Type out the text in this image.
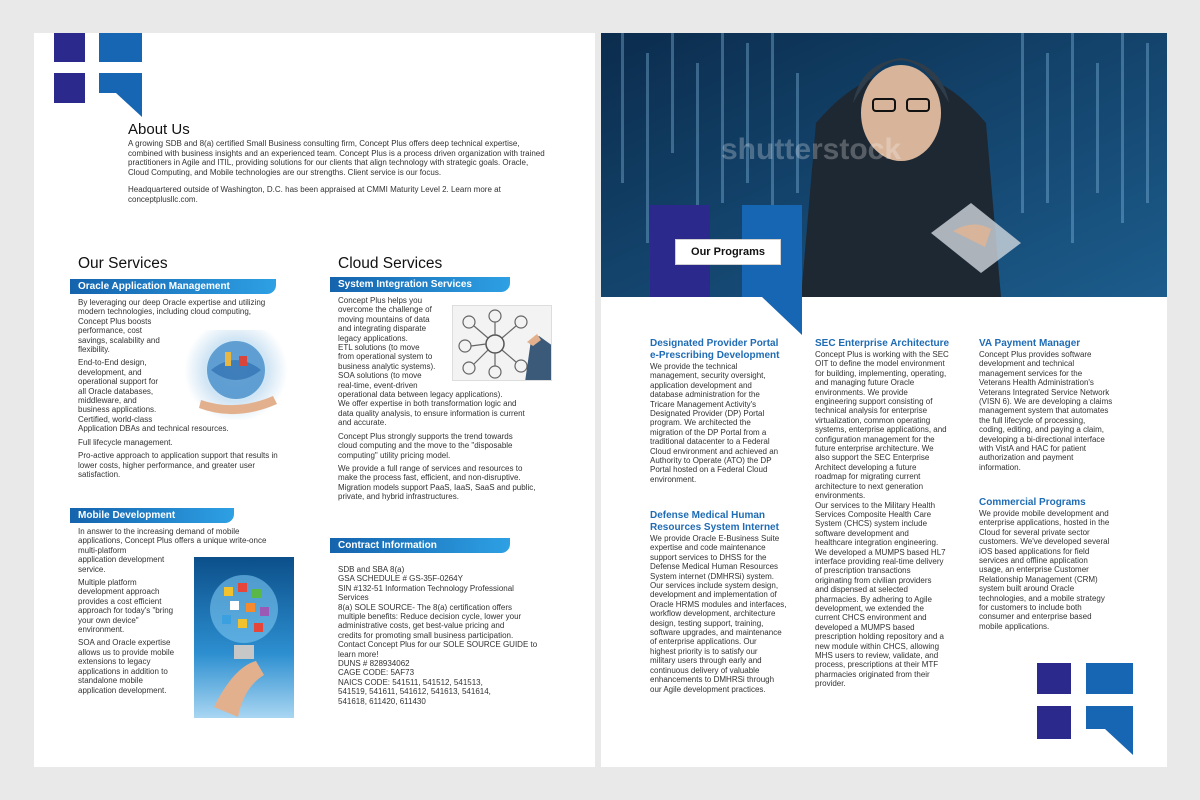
About Us

A growing SDB and 8(a) certified Small Business consulting firm, Concept Plus offers deep technical expertise, combined with business insights and an experienced team. Concept Plus is a process driven organization with trained practitioners in Agile and ITIL, providing solutions for our clients that align technology with strategic goals. Oracle, Cloud Computing, and Mobile technologies are our strengths. Client service is our focus.

Headquartered outside of Washington, D.C. has been appraised at CMMI Maturity Level 2. Learn more at conceptplusllc.com.

Our Services
Oracle Application Management

By leveraging our deep Oracle expertise and utilizing
modern technologies, including cloud computing,
Concept Plus boosts
performance, cost
savings, scalability and
flexibility.

End-to-End design,
development, and
operational support for
all Oracle databases,
middleware, and
business applications.
Certified, world-class
Application DBAs and technical resources.

Full lifecycle management.

Pro-active approach to application support that results in
lower costs, higher performance, and greater user
satisfaction.

Mobile Development

In answer to the increasing demand of mobile
applications, Concept Plus offers a unique write-once
multi-platform
application development
service.

Multiple platform
development approach
provides a cost efficient
approach for today's "bring
your own device"
environment.

SOA and Oracle expertise
allows us to provide mobile
extensions to legacy
applications in addition to
standalone mobile
application development.

Cloud Services
System Integration Services

Concept Plus helps you
overcome the challenge of
moving mountains of data
and integrating disparate
legacy applications.
ETL solutions (to move
from operational system to
business analytic systems).
SOA solutions (to move
real-time, event-driven
operational data between legacy applications).
We offer expertise in both transformation logic and
data quality analysis, to ensure information is current
and accurate.

Concept Plus strongly supports the trend towards
cloud computing and the move to the "disposable
computing" utility pricing model.

We provide a full range of services and resources to
make the process fast, efficient, and non-disruptive.
Migration models support PaaS, IaaS, SaaS and public,
private, and hybrid infrastructures.

Contract Information

SDB and SBA 8(a)
GSA SCHEDULE # GS-35F-0264Y
SIN #132-51 Information Technology Professional
Services
8(a) SOLE SOURCE- The 8(a) certification offers
multiple benefits: Reduce decision cycle, lower your
administrative costs, get best-value pricing and
credits for promoting small business participation.
Contact Concept Plus for our SOLE SOURCE GUIDE to
learn more!
DUNS # 828934062
CAGE CODE: 5AF73
NAICS CODE: 541511, 541512, 541513,
541519, 541611, 541612, 541613, 541614,
541618, 611420, 611430

shutterstock
Our Programs
Designated Provider Portal
e-Prescribing Development
We provide the technical
management, security oversight,
application development and
database administration for the
Tricare Management Activity's
Designated Provider (DP) Portal
program. We architected the
migration of the DP Portal from a
traditional datacenter to a Federal
Cloud environment and achieved an
Authority to Operate (ATO) the DP
Portal hosted on a Federal Cloud
environment.
Defense Medical Human
Resources System Internet
We provide Oracle E-Business Suite
expertise and code maintenance
support services to DHSS for the
Defense Medical Human Resources
System internet (DMHRSi) system.
Our services include system design,
development and implementation of
Oracle HRMS modules and interfaces,
workflow development, architecture
design, testing support, training,
software upgrades, and maintenance
of enterprise applications. Our
highest priority is to satisfy our
military users through early and
continuous delivery of valuable
enhancements to DMHRSi through
our Agile development practices.
SEC Enterprise Architecture
Concept Plus is working with the SEC
OIT to define the model environment
for building, implementing, operating,
and managing future Oracle
environments. We provide
engineering support consisting of
technical analysis for enterprise
virtualization, common operating
systems, enterprise applications, and
configuration management for the
future enterprise architecture. We
also support the SEC Enterprise
Architect developing a future
roadmap for migrating current
architecture to next generation
environments.
Our services to the Military Health
Services Composite Health Care
System (CHCS) system include
software development and
healthcare integration engineering.
We developed a MUMPS based HL7
interface providing real-time delivery
of prescription transactions
originating from civilian providers
and dispensed at selected
pharmacies. By adhering to Agile
development, we extended the
current CHCS environment and
developed a MUMPS based
prescription holding repository and a
new module within CHCS, allowing
MHS users to review, validate, and
process, prescriptions at their MTF
pharmacies originated from their
provider.
VA Payment Manager
Concept Plus provides software
development and technical
management services for the
Veterans Health Administration's
Veterans Integrated Service Network
(VISN 6). We are developing a claims
management system that automates
the full lifecycle of processing,
coding, editing, and paying a claim,
developing a bi-directional interface
with VistA and HAC for patient
authorization and payment
information.
Commercial Programs
We provide mobile development and
enterprise applications, hosted in the
Cloud for several private sector
customers. We've developed several
iOS based applications for field
services and offline application
usage, an enterprise Customer
Relationship Management (CRM)
system built around Oracle
technologies, and a mobile strategy
for customers to include both
consumer and enterprise based
mobile applications.
